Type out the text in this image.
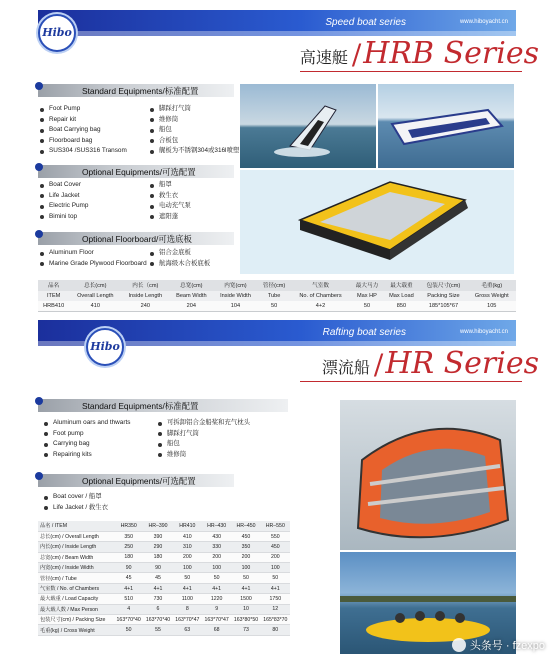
Speed boat series	www.hiboyacht.cn
Hibo
高速艇 / HRB Series
Standard Equipments/标准配置
Foot Pump
Repair kit
Boat Carrying bag
Floorboard bag
SUS304 /SUS316 Transom
脚踩打气筒
维修筒
船包
合板包
艉板为不锈钢304或316l喷塑
Optional Equipments/可选配置
Boat Cover
Life Jacket
Electric Pump
Bimini top
船罩
救生衣
电动充气泵
遮阳蓬
Optional Floorboard/可选底板
Aluminum Floor
Marine Grade Plywood Floorboard
铝合金底板
航海级木合板底板
品名	总长(cm)	内长（cm)	总宽(cm)	内宽(cm)	管径(cm)	气室数	最大马力	最大载重	包装尺寸(cm)	毛重(kg)
ITEM	Overall Length	Inside Length	Beam Width	Inside Width	Tube	No. of Chambers	Max HP	Max Load	Packing Size	Gross Weight
HRB410	410	240	204	104	50	4+2	50	850	185*105*67	105
Rafting boat series	www.hiboyacht.cn
Hibo
漂流船 / HR Series
Standard Equipments/标准配置
Aluminum oars and thwarts
Foot pump
Carrying bag
Repairing kits
可拆卸铝合金船桨和充气枕头
脚踩打气筒
船包
维修筒
Optional Equipments/可选配置
Boat cover / 船罩
Life Jacket / 救生衣
品名 / ITEM	HR350	HR–390	HR410	HR–430	HR–450	HR–550
总长(cm) / Overall Length	350	390	410	430	450	550
内长(cm) / Inside Length	250	290	310	330	350	450
总宽(cm) / Beam Width	180	180	200	200	200	200
内宽(cm) / Inside Width	90	90	100	100	100	100
管径(cm) / Tube	45	45	50	50	50	50
气室数 / No. of Chambers	4+1	4+1	4+1	4+1	4+1	4+1
最大载重 / Load Capacity	510	730	1100	1220	1500	1750
最大载人数 / Max Person	4	6	8	9	10	12
包装尺寸(cm) / Packing Size	163*70*40	163*70*40	163*70*47	163*70*47	163*80*50	165*83*70
毛重(kg) / Cross Weight	50	55	63	68	73	80
头条号 · fzexpo
